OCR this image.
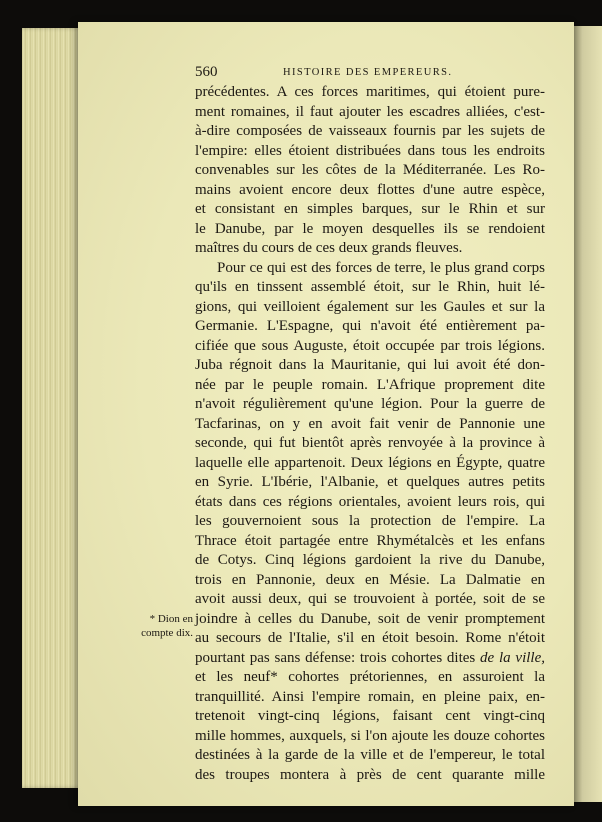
560	HISTOIRE DES EMPEREURS.
précédentes. A ces forces maritimes, qui étoient pure-
ment romaines, il faut ajouter les escadres alliées, c'est-
à-dire composées de vaisseaux fournis par les sujets de
l'empire: elles étoient distribuées dans tous les endroits
convenables sur les côtes de la Méditerranée. Les Ro-
mains avoient encore deux flottes d'une autre espèce,
et consistant en simples barques, sur le Rhin et sur
le Danube, par le moyen desquelles ils se rendoient
maîtres du cours de ces deux grands fleuves.
Pour ce qui est des forces de terre, le plus grand corps
qu'ils en tinssent assemblé étoit, sur le Rhin, huit lé-
gions, qui veilloient également sur les Gaules et sur la
Germanie. L'Espagne, qui n'avoit été entièrement pa-
cifiée que sous Auguste, étoit occupée par trois légions.
Juba régnoit dans la Mauritanie, qui lui avoit été don-
née par le peuple romain. L'Afrique proprement dite
n'avoit régulièrement qu'une légion. Pour la guerre de
Tacfarinas, on y en avoit fait venir de Pannonie une
seconde, qui fut bientôt après renvoyée à la province à
laquelle elle appartenoit. Deux légions en Égypte, quatre
en Syrie. L'Ibérie, l'Albanie, et quelques autres petits
états dans ces régions orientales, avoient leurs rois, qui
les gouvernoient sous la protection de l'empire. La
Thrace étoit partagée entre Rhymétalcès et les enfans
de Cotys. Cinq légions gardoient la rive du Danube,
trois en Pannonie, deux en Mésie. La Dalmatie en
avoit aussi deux, qui se trouvoient à portée, soit de se
joindre à celles du Danube, soit de venir promptement
au secours de l'Italie, s'il en étoit besoin. Rome n'étoit
pourtant pas sans défense: trois cohortes dites de la ville,
et les neuf* cohortes prétoriennes, en assuroient la
tranquillité. Ainsi l'empire romain, en pleine paix, en-
tretenoit vingt-cinq légions, faisant cent vingt-cinq
mille hommes, auxquels, si l'on ajoute les douze cohortes
destinées à la garde de la ville et de l'empereur, le total
des troupes montera à près de cent quarante mille
* Dion en
compte dix.
